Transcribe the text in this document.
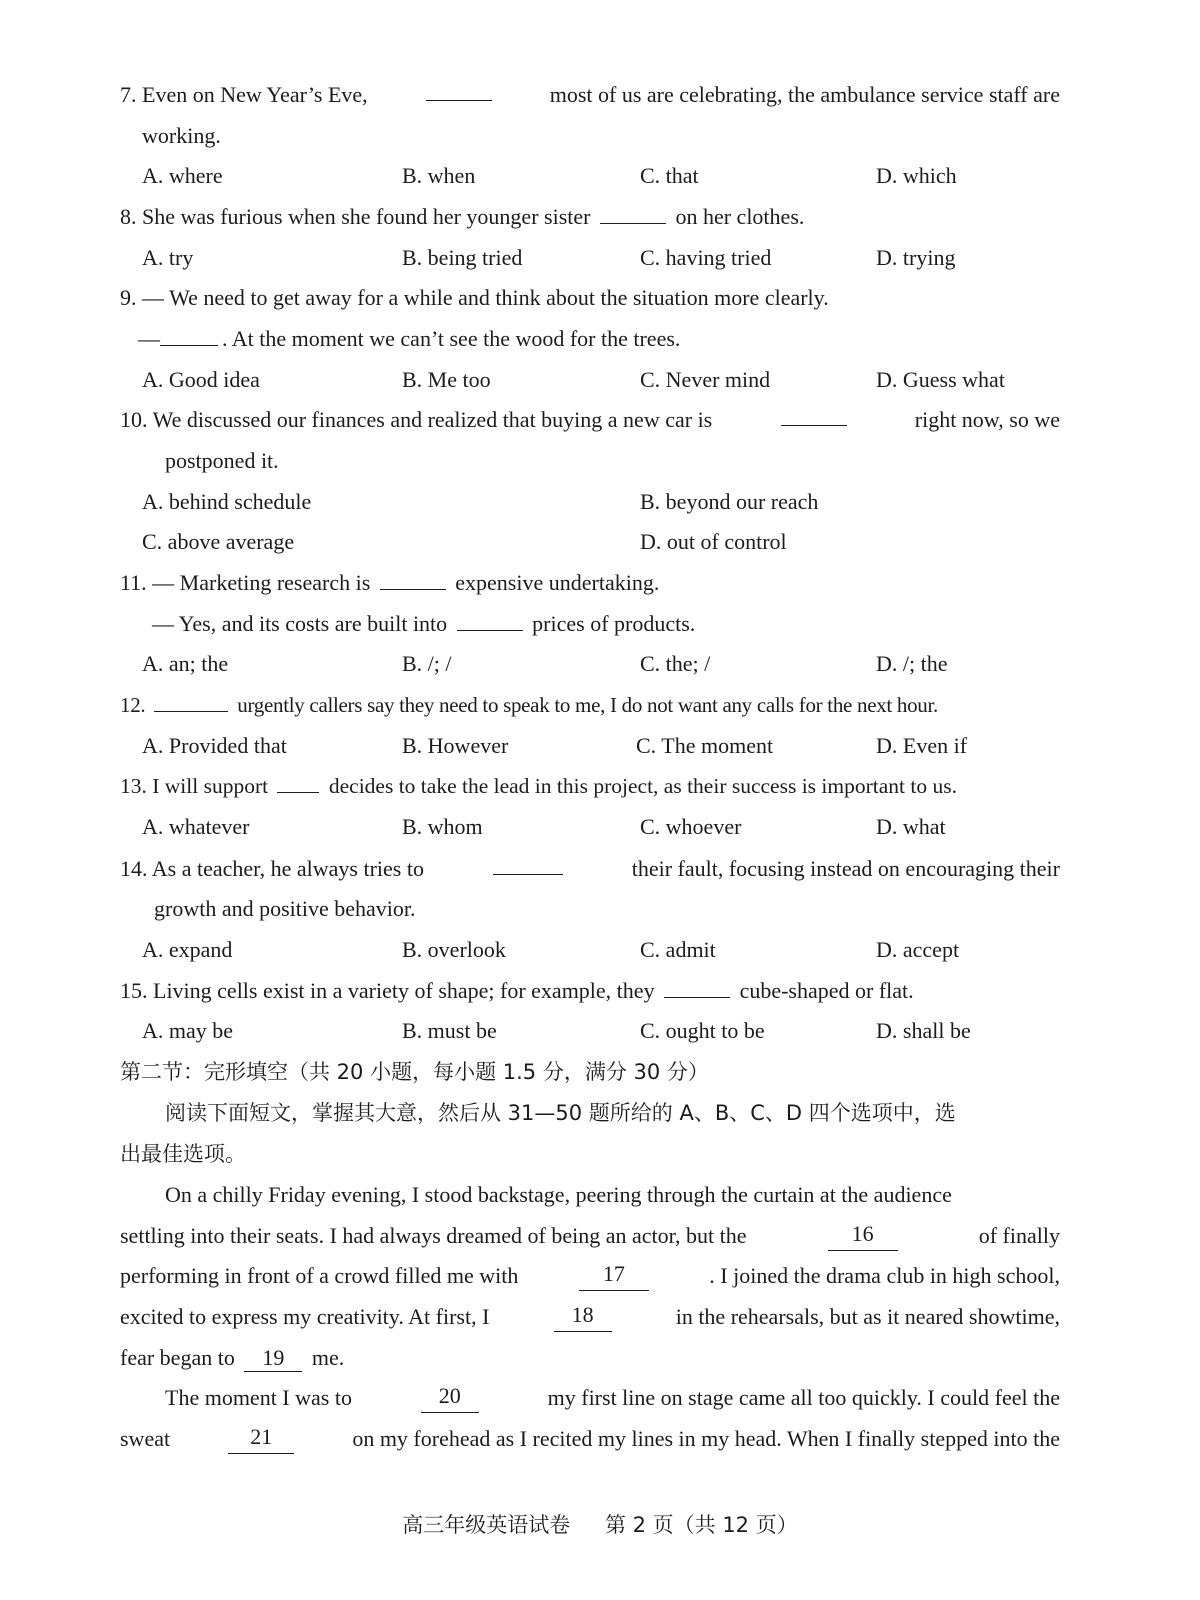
7. Even on New Year’s Eve,	most of us are celebrating, the ambulance service staff are
working.
A. where	B. when	C. that	D. which
8. She was furious when she found her younger sister	on her clothes.
A. try	B. being tried	C. having tried	D. trying
9. — We need to get away for a while and think about the situation more clearly.
—	. At the moment we can’t see the wood for the trees.
A. Good idea	B. Me too	C. Never mind	D. Guess what
10. We discussed our finances and realized that buying a new car is	right now, so we
postponed it.
A. behind schedule	B. beyond our reach
C. above average	D. out of control
11. — Marketing research is	expensive undertaking.
— Yes, and its costs are built into	prices of products.
A. an; the	B. /; /	C. the; /	D. /; the
12.	urgently callers say they need to speak to me, I do not want any calls for the next hour.
A. Provided that	B. However	C. The moment	D. Even if
13. I will support	decides to take the lead in this project, as their success is important to us.
A. whatever	B. whom	C. whoever	D. what
14. As a teacher, he always tries to	their fault, focusing instead on encouraging their
growth and positive behavior.
A. expand	B. overlook	C. admit	D. accept
15. Living cells exist in a variety of shape; for example, they	cube-shaped or flat.
A. may be	B. must be	C. ought to be	D. shall be
第二节：完形填空（共 20 小题，每小题 1.5 分，满分 30 分）
阅读下面短文，掌握其大意，然后从 31—50 题所给的 A、B、C、D 四个选项中，选
出最佳选项。
On a chilly Friday evening, I stood backstage, peering through the curtain at the audience
settling into their seats. I had always dreamed of being an actor, but the	16	of finally
performing in front of a crowd filled me with	17	. I joined the drama club in high school,
excited to express my creativity. At first, I	18	in the rehearsals, but as it neared showtime,
fear began to 19 me.
The moment I was to	20	my first line on stage came all too quickly. I could feel the
sweat	21	on my forehead as I recited my lines in my head. When I finally stepped into the
高三年级英语试卷 第 2 页（共 12 页）
